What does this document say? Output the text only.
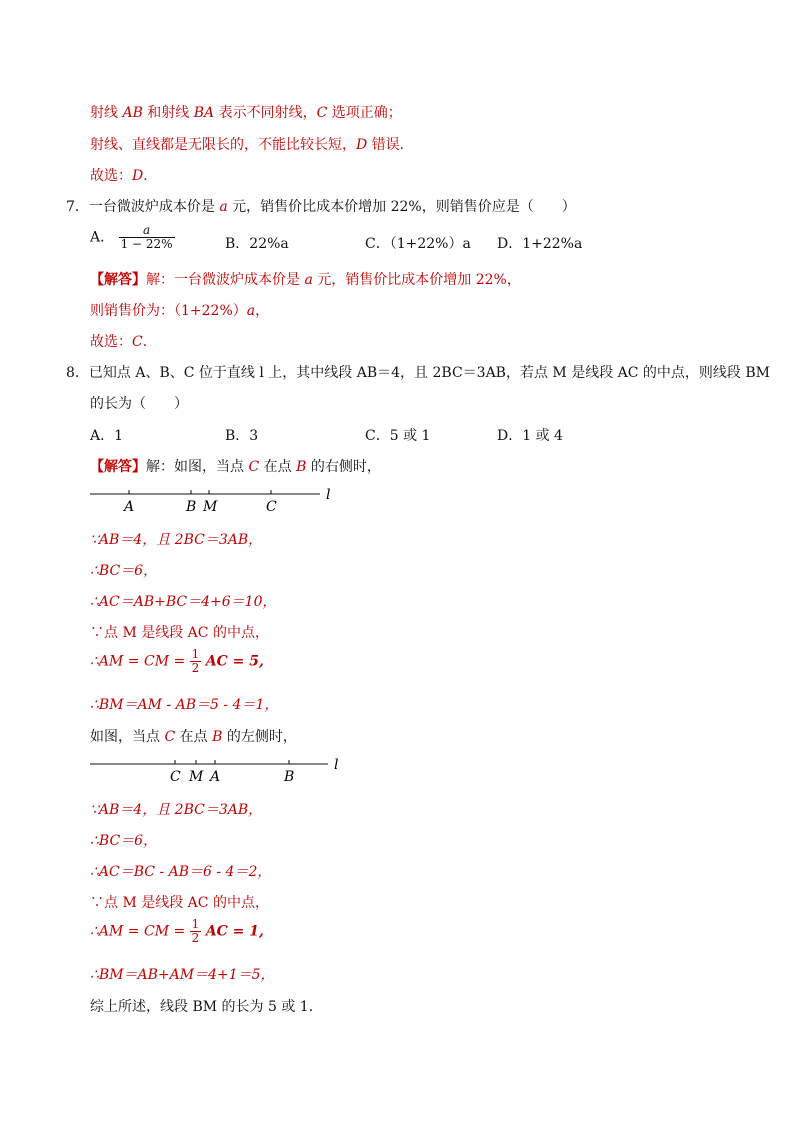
射线 AB 和射线 BA 表示不同射线，C 选项正确；
射线、直线都是无限长的，不能比较长短，D 错误．
故选：D．
7．一台微波炉成本价是 a 元，销售价比成本价增加 22%，则销售价应是（　　）
A． $\frac{a}{1 - 22\%}$	B．22%a	C．（1+22%）a D．1+22%a
【解答】解：一台微波炉成本价是 a 元，销售价比成本价增加 22%，
则销售价为：（1+22%）a，
故选：C．
8．已知点 A、B、C 位于直线 l 上，其中线段 AB＝4，且 2BC＝3AB，若点 M 是线段 AC 的中点，则线段 BM
的长为（　　）
A．1	B．3	C．5 或 1	D．1 或 4
【解答】解：如图，当点 C 在点 B 的右侧时，
A	B M	C
l
∵AB＝4，且 2BC＝3AB，
∴BC＝6，
∴AC＝AB+BC＝4+6＝10，
∵点 M 是线段 AC 的中点，
∴AM = CM = $\frac{1}{2}$ AC = 5,
∴BM＝AM - AB＝5 - 4＝1，
如图，当点 C 在点 B 的左侧时，
C M A	B
l
∵AB＝4，且 2BC＝3AB，
∴BC＝6，
∴AC＝BC - AB＝6 - 4＝2，
∵点 M 是线段 AC 的中点，
∴AM = CM = $\frac{1}{2}$ AC = 1,
∴BM＝AB+AM＝4+1＝5，
综上所述，线段 BM 的长为 5 或 1．
